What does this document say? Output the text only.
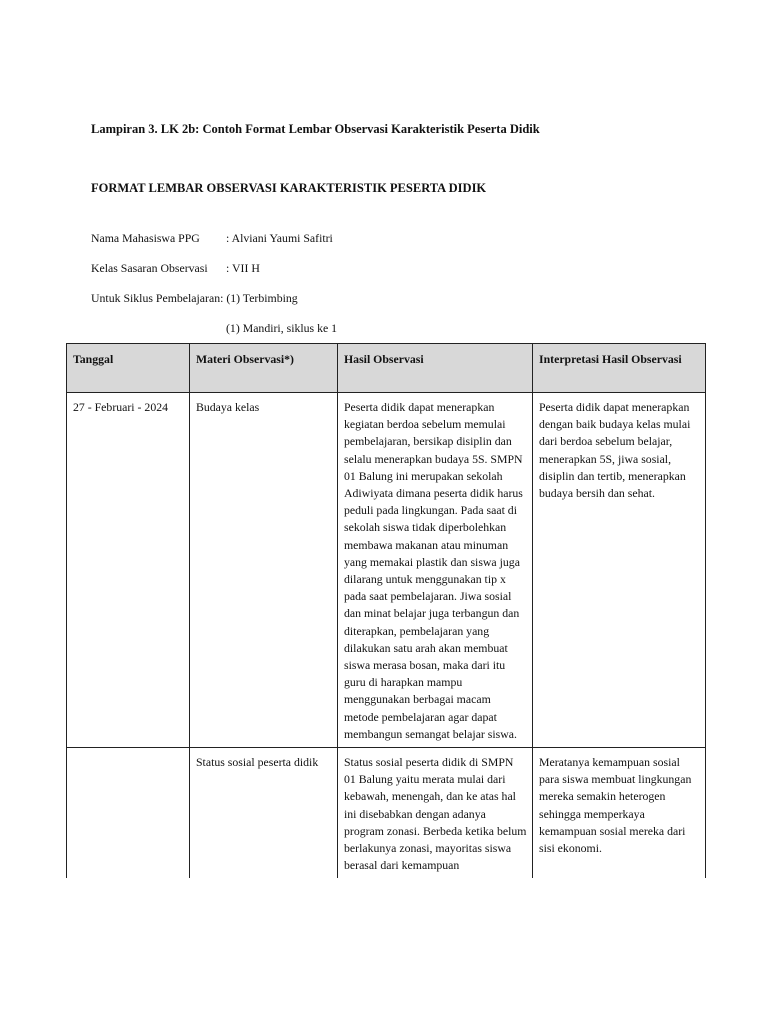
Lampiran 3. LK 2b: Contoh Format Lembar Observasi Karakteristik Peserta Didik
FORMAT LEMBAR OBSERVASI KARAKTERISTIK PESERTA DIDIK
Nama Mahasiswa PPG : Alviani Yaumi Safitri
Kelas Sasaran Observasi : VII H
Untuk Siklus Pembelajaran: (1) Terbimbing
(1) Mandiri, siklus ke 1
Tanggal	Materi Observasi*)	Hasil Observasi	Interpretasi Hasil Observasi
27 - Februari - 2024	Budaya kelas	Peserta didik dapat menerapkan kegiatan berdoa sebelum memulai pembelajaran, bersikap disiplin dan selalu menerapkan budaya 5S. SMPN 01 Balung ini merupakan sekolah Adiwiyata dimana peserta didik harus peduli pada lingkungan. Pada saat di sekolah siswa tidak diperbolehkan membawa makanan atau minuman yang memakai plastik dan siswa juga dilarang untuk menggunakan tip x pada saat pembelajaran. Jiwa sosial dan minat belajar juga terbangun dan diterapkan, pembelajaran yang dilakukan satu arah akan membuat siswa merasa bosan, maka dari itu guru di harapkan mampu menggunakan berbagai macam metode pembelajaran agar dapat membangun semangat belajar siswa.	Peserta didik dapat menerapkan dengan baik budaya kelas mulai dari berdoa sebelum belajar, menerapkan 5S, jiwa sosial, disiplin dan tertib, menerapkan budaya bersih dan sehat.
	Status sosial peserta didik	Status sosial peserta didik di SMPN 01 Balung yaitu merata mulai dari kebawah, menengah, dan ke atas hal ini disebabkan dengan adanya program zonasi. Berbeda ketika belum berlakunya zonasi, mayoritas siswa berasal dari kemampuan	Meratanya kemampuan sosial para siswa membuat lingkungan mereka semakin heterogen sehingga memperkaya kemampuan sosial mereka dari sisi ekonomi.
